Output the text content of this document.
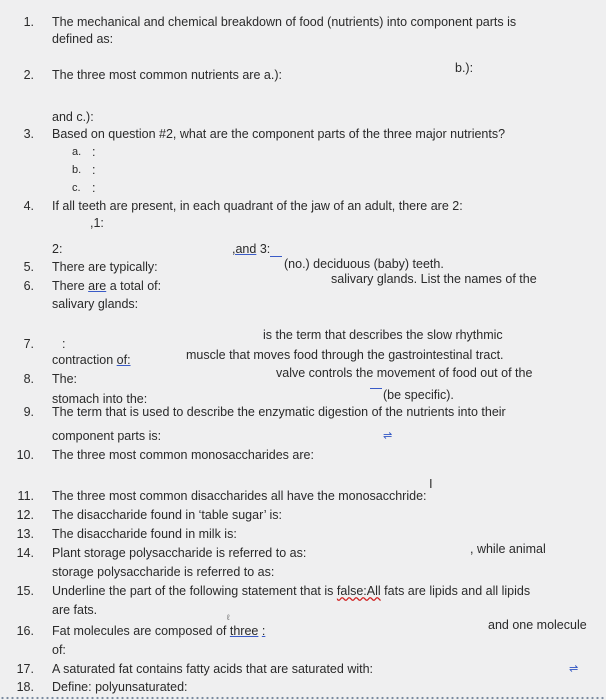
1. The mechanical and chemical breakdown of food (nutrients) into component parts is
defined as:
2. The three most common nutrients are a.):	b.):
and c.):
3. Based on question #2, what are the component parts of the three major nutrients?
a. :
b. :
c. :
4. If all teeth are present, in each quadrant of the jaw of an adult, there are 2:
,1:
2:	,and 3:
5. There are typically:	(no.) deciduous (baby) teeth.
6. There are a total of:	salivary glands. List the names of the
salivary glands:
7. :
is the term that describes the slow rhythmic
contraction of:	muscle that moves food through the gastrointestinal tract.
8. The:	valve controls the movement of food out of the
stomach into the:	(be specific).
9. The term that is used to describe the enzymatic digestion of the nutrients into their
component parts is:	⇌
10. The three most common monosaccharides are:
11. The three most common disaccharides all have the monosacchride:
I
12. The disaccharide found in ‘table sugar’ is:
13. The disaccharide found in milk is:
14. Plant storage polysaccharide is referred to as:	, while animal
storage polysaccharide is referred to as:
15. Underline the part of the following statement that is false:All fats are lipids and all lipids
are fats.
ℓ
16. Fat molecules are composed of three :	and one molecule
of:
17. A saturated fat contains fatty acids that are saturated with:	⇌
18. Define: polyunsaturated:
